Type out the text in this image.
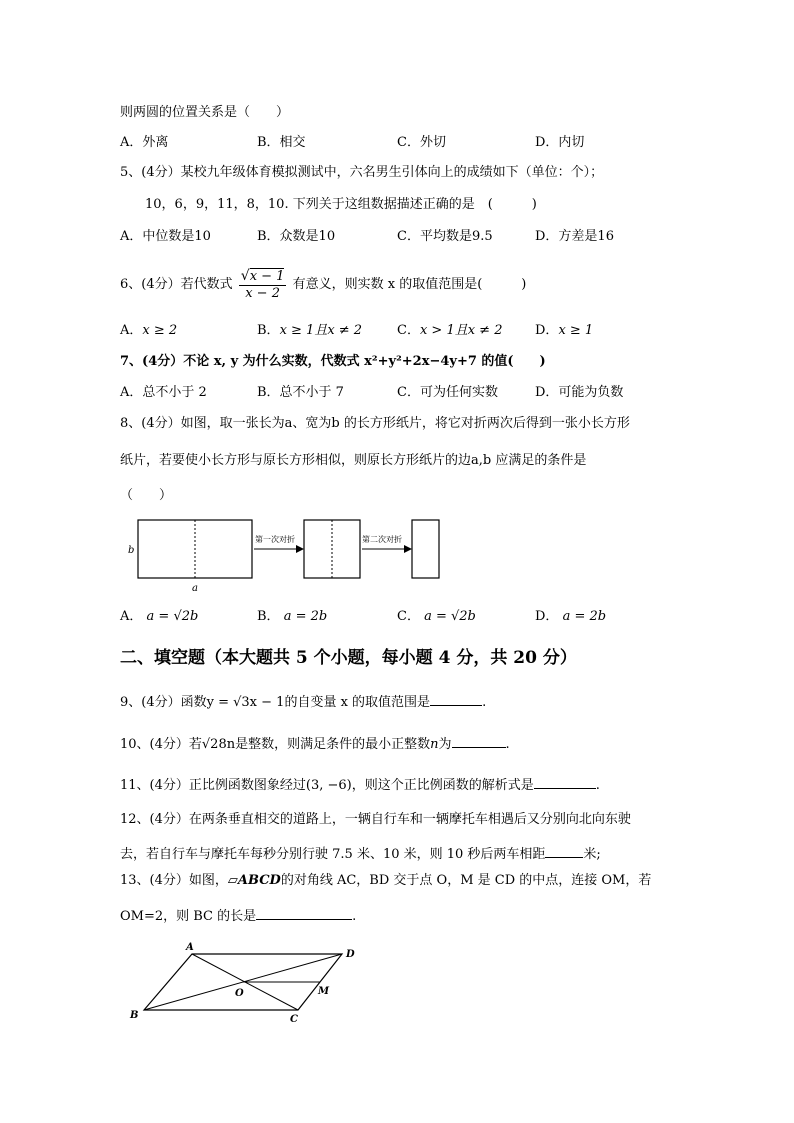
则两圆的位置关系是（　　）
A．外离	B．相交	C．外切	D．内切
5、(4分）某校九年级体育模拟测试中，六名男生引体向上的成绩如下（单位：个）；
10，6，9，11，8，10. 下列关于这组数据描述正确的是　(　　　)
A．中位数是10	B．众数是10	C．平均数是9.5	D．方差是16
6、(4分）若代数式 $\frac{√x - 1}{x - 2}$ 有意义，则实数 x 的取值范围是(　　　)
A．x ≥ 2	B．x ≥ 1且x ≠ 2	C．x > 1且x ≠ 2	D．x ≥ 1
7、(4分）不论 x, y 为什么实数，代数式 x²+y²+2x−4y+7 的值(　　)
A．总不小于 2	B．总不小于 7	C．可为任何实数	D．可能为负数
8、(4分）如图，取一张长为a、宽为b 的长方形纸片，将它对折两次后得到一张小长方形
纸片，若要使小长方形与原长方形相似，则原长方形纸片的边a,b 应满足的条件是
（　　）
b
a
第一次对折	第二次对折
A． a = √2b	B． a = 2b	C． a = √2b	D． a = 2b
二、填空题（本大题共 5 个小题，每小题 4 分，共 20 分）
9、(4分）函数y = √3x − 1的自变量 x 的取值范围是	.
10、(4分）若√28n是整数，则满足条件的最小正整数n为	.
11、(4分）正比例函数图象经过(3, −6)，则这个正比例函数的解析式是	.
12、(4分）在两条垂直相交的道路上，一辆自行车和一辆摩托车相遇后又分别向北向东驶
去，若自行车与摩托车每秒分别行驶 7.5 米、10 米，则 10 秒后两车相距	米;
13、(4分）如图，▱ABCD的对角线 AC，BD 交于点 O，M 是 CD 的中点，连接 OM，若
OM=2，则 BC 的长是	.
A
D
O	M
B	C
